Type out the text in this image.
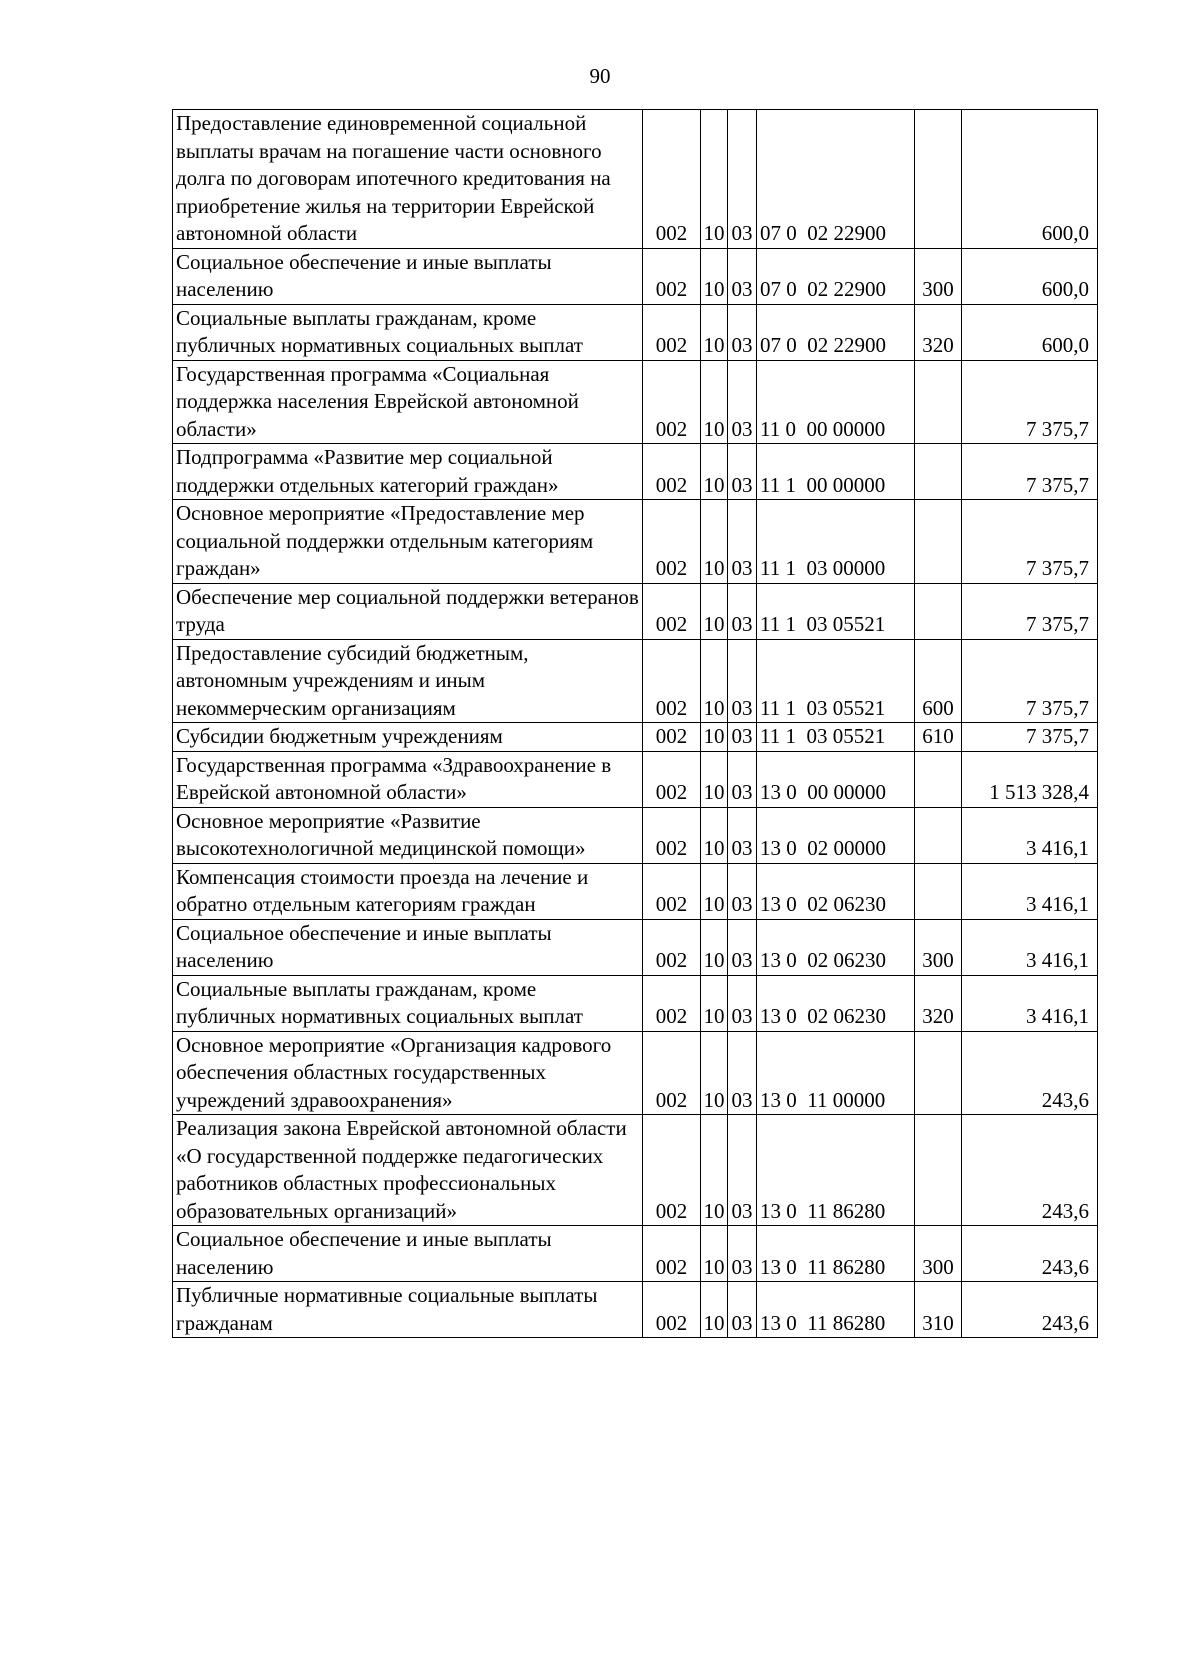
90
Предоставление единовременной социальной выплаты врачам на погашение части основного долга по договорам ипотечного кредитования на приобретение жилья на территории Еврейской автономной области	002	10	03	07 0  02 22900		600,0
Социальное обеспечение и иные выплаты населению	002	10	03	07 0  02 22900	300	600,0
Социальные выплаты гражданам, кроме публичных нормативных социальных выплат	002	10	03	07 0  02 22900	320	600,0
Государственная программа «Социальная поддержка населения Еврейской автономной области»	002	10	03	11 0  00 00000		7 375,7
Подпрограмма «Развитие мер социальной поддержки отдельных категорий граждан»	002	10	03	11 1  00 00000		7 375,7
Основное мероприятие «Предоставление мер социальной поддержки отдельным категориям граждан»	002	10	03	11 1  03 00000		7 375,7
Обеспечение мер социальной поддержки ветеранов труда	002	10	03	11 1  03 05521		7 375,7
Предоставление субсидий бюджетным, автономным учреждениям и иным некоммерческим организациям	002	10	03	11 1  03 05521	600	7 375,7
Субсидии бюджетным учреждениям	002	10	03	11 1  03 05521	610	7 375,7
Государственная программа «Здравоохранение в Еврейской автономной области»	002	10	03	13 0  00 00000		1 513 328,4
Основное мероприятие «Развитие высокотехнологичной медицинской помощи»	002	10	03	13 0  02 00000		3 416,1
Компенсация стоимости проезда на лечение и обратно отдельным категориям граждан	002	10	03	13 0  02 06230		3 416,1
Социальное обеспечение и иные выплаты населению	002	10	03	13 0  02 06230	300	3 416,1
Социальные выплаты гражданам, кроме публичных нормативных социальных выплат	002	10	03	13 0  02 06230	320	3 416,1
Основное мероприятие «Организация кадрового обеспечения областных государственных учреждений здравоохранения»	002	10	03	13 0  11 00000		243,6
Реализация закона Еврейской автономной области «О государственной поддержке педагогических работников областных профессиональных образовательных организаций»	002	10	03	13 0  11 86280		243,6
Социальное обеспечение и иные выплаты населению	002	10	03	13 0  11 86280	300	243,6
Публичные нормативные социальные выплаты гражданам	002	10	03	13 0  11 86280	310	243,6
